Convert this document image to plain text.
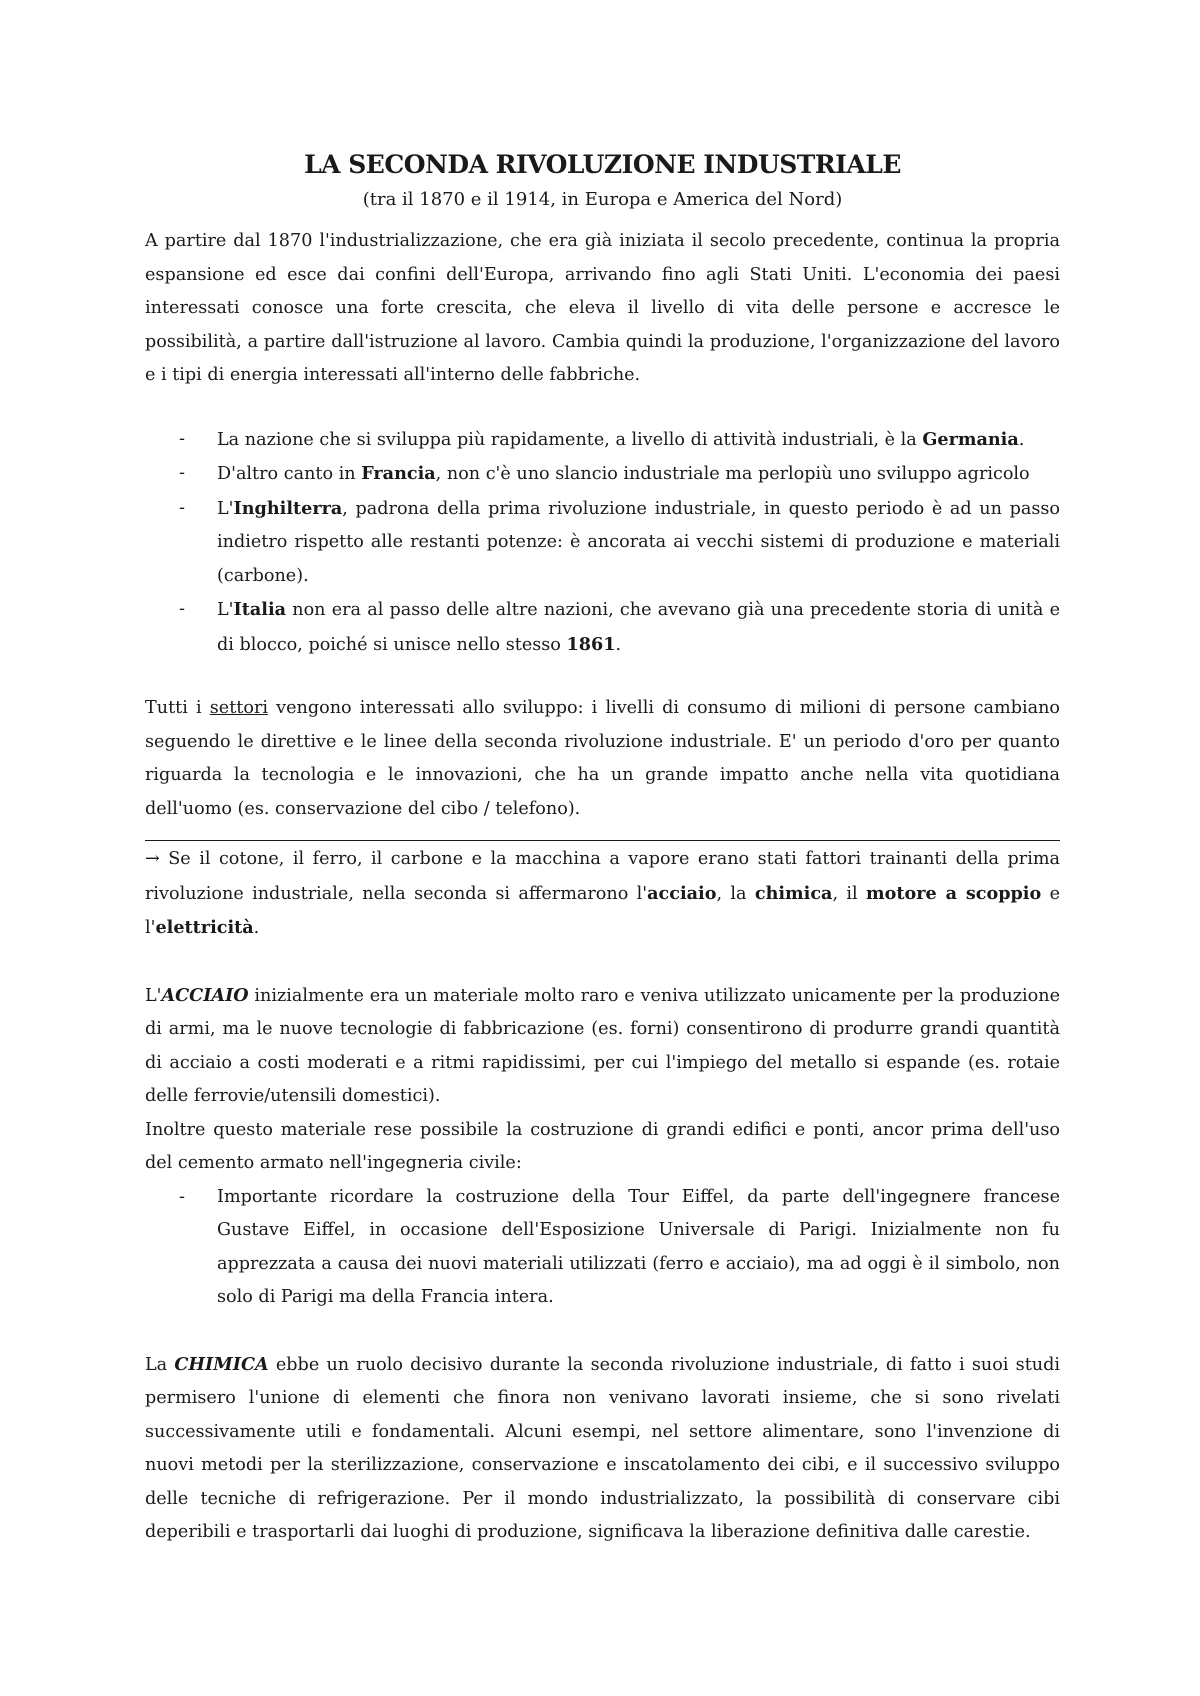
LA SECONDA RIVOLUZIONE INDUSTRIALE

(tra il 1870 e il 1914, in Europa e America del Nord)

A partire dal 1870 l'industrializzazione, che era già iniziata il secolo precedente, continua la propria espansione ed esce dai confini dell'Europa, arrivando fino agli Stati Uniti. L'economia dei paesi interessati conosce una forte crescita, che eleva il livello di vita delle persone e accresce le possibilità, a partire dall'istruzione al lavoro. Cambia quindi la produzione, l'organizzazione del lavoro e i tipi di energia interessati all'interno delle fabbriche.

- La nazione che si sviluppa più rapidamente, a livello di attività industriali, è la Germania.
- D'altro canto in Francia, non c'è uno slancio industriale ma perlopiù uno sviluppo agricolo
- L'Inghilterra, padrona della prima rivoluzione industriale, in questo periodo è ad un passo indietro rispetto alle restanti potenze: è ancorata ai vecchi sistemi di produzione e materiali (carbone).
- L'Italia non era al passo delle altre nazioni, che avevano già una precedente storia di unità e di blocco, poiché si unisce nello stesso 1861.

Tutti i settori vengono interessati allo sviluppo: i livelli di consumo di milioni di persone cambiano seguendo le direttive e le linee della seconda rivoluzione industriale. E' un periodo d'oro per quanto riguarda la tecnologia e le innovazioni, che ha un grande impatto anche nella vita quotidiana dell'uomo (es. conservazione del cibo / telefono).

→ Se il cotone, il ferro, il carbone e la macchina a vapore erano stati fattori trainanti della prima rivoluzione industriale, nella seconda si affermarono l'acciaio, la chimica, il motore a scoppio e l'elettricità.

L'ACCIAIO inizialmente era un materiale molto raro e veniva utilizzato unicamente per la produzione di armi, ma le nuove tecnologie di fabbricazione (es. forni) consentirono di produrre grandi quantità di acciaio a costi moderati e a ritmi rapidissimi, per cui l'impiego del metallo si espande (es. rotaie delle ferrovie/utensili domestici).

Inoltre questo materiale rese possibile la costruzione di grandi edifici e ponti, ancor prima dell'uso del cemento armato nell'ingegneria civile:

- Importante ricordare la costruzione della Tour Eiffel, da parte dell'ingegnere francese Gustave Eiffel, in occasione dell'Esposizione Universale di Parigi. Inizialmente non fu apprezzata a causa dei nuovi materiali utilizzati (ferro e acciaio), ma ad oggi è il simbolo, non solo di Parigi ma della Francia intera.

La CHIMICA ebbe un ruolo decisivo durante la seconda rivoluzione industriale, di fatto i suoi studi permisero l'unione di elementi che finora non venivano lavorati insieme, che si sono rivelati successivamente utili e fondamentali. Alcuni esempi, nel settore alimentare, sono l'invenzione di nuovi metodi per la sterilizzazione, conservazione e inscatolamento dei cibi, e il successivo sviluppo delle tecniche di refrigerazione. Per il mondo industrializzato, la possibilità di conservare cibi deperibili e trasportarli dai luoghi di produzione, significava la liberazione definitiva dalle carestie.
